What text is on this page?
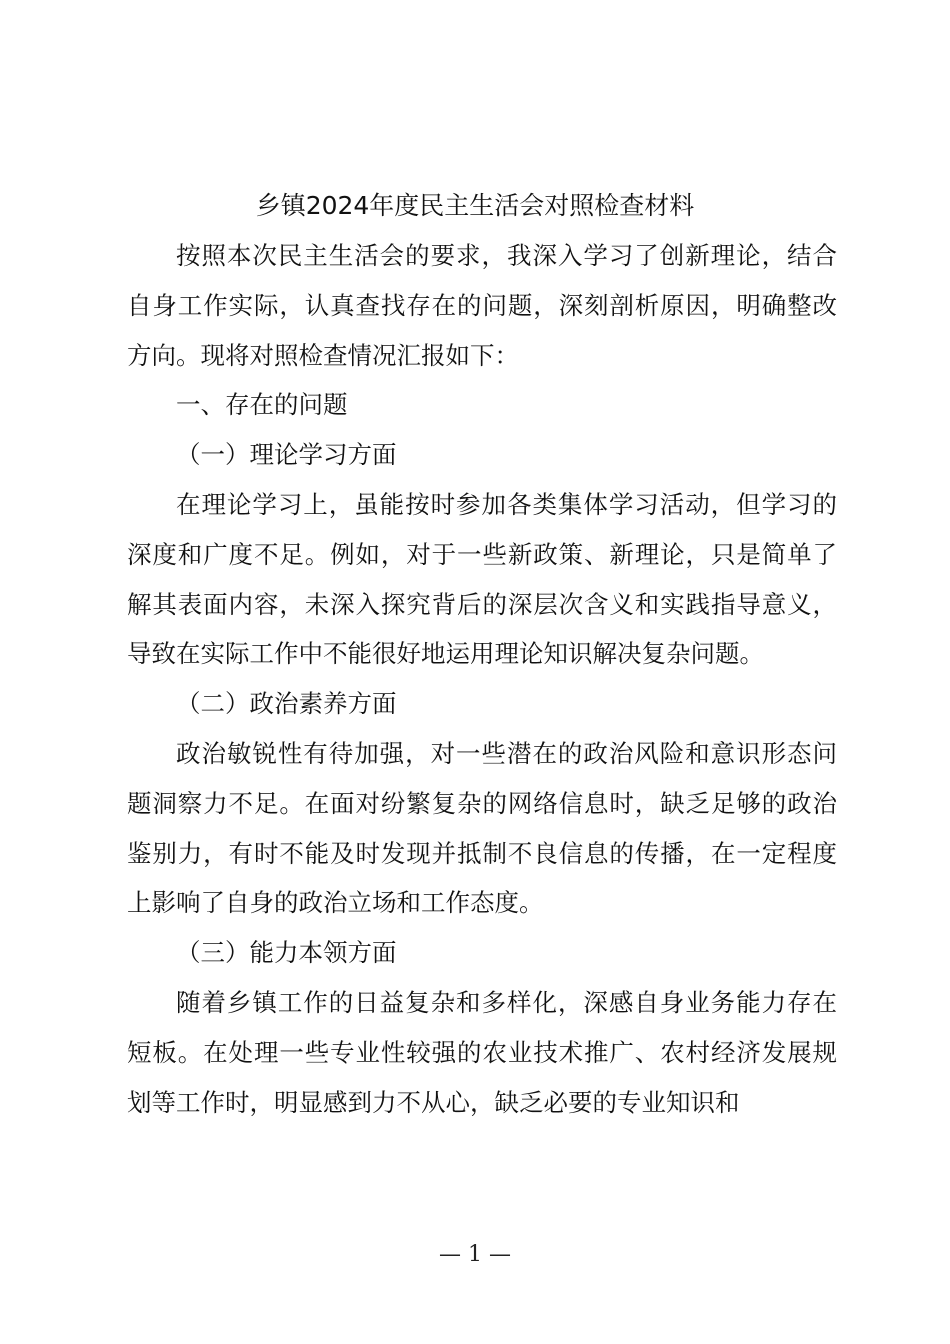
乡镇2024年度民主生活会对照检查材料

按照本次民主生活会的要求，我深入学习了创新理论，结合自身工作实际，认真查找存在的问题，深刻剖析原因，明确整改方向。现将对照检查情况汇报如下：

一、存在的问题

（一）理论学习方面

在理论学习上，虽能按时参加各类集体学习活动，但学习的深度和广度不足。例如，对于一些新政策、新理论，只是简单了解其表面内容，未深入探究背后的深层次含义和实践指导意义，导致在实际工作中不能很好地运用理论知识解决复杂问题。

（二）政治素养方面

政治敏锐性有待加强，对一些潜在的政治风险和意识形态问题洞察力不足。在面对纷繁复杂的网络信息时，缺乏足够的政治鉴别力，有时不能及时发现并抵制不良信息的传播，在一定程度上影响了自身的政治立场和工作态度。

（三）能力本领方面

随着乡镇工作的日益复杂和多样化，深感自身业务能力存在短板。在处理一些专业性较强的农业技术推广、农村经济发展规划等工作时，明显感到力不从心，缺乏必要的专业知识和

— 1 —
